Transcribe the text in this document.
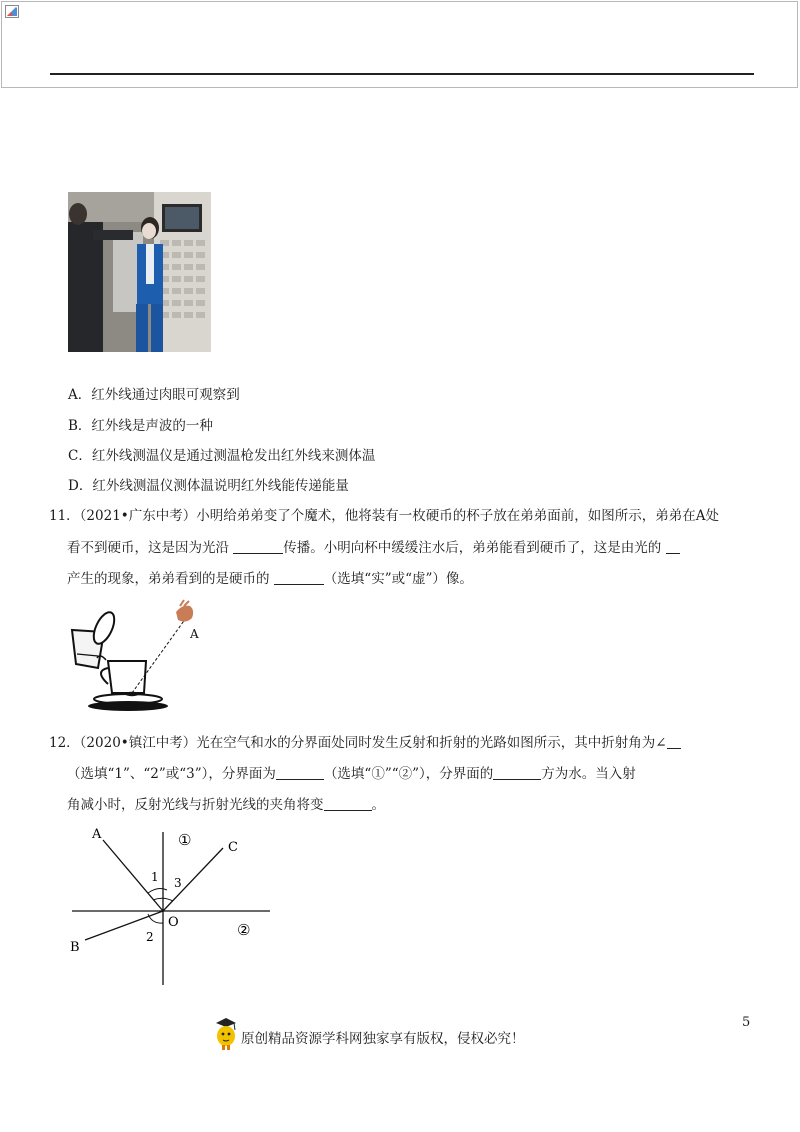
A．红外线通过肉眼可观察到
B．红外线是声波的一种
C．红外线测温仪是通过测温枪发出红外线来测体温
D．红外线测温仪测体温说明红外线能传递能量
11．（2021•广东中考）小明给弟弟变了个魔术，他将装有一枚硬币的杯子放在弟弟面前，如图所示，弟弟在A处
看不到硬币，这是因为光沿	传播。小明向杯中缓缓注水后，弟弟能看到硬币了，这是由光的
产生的现象，弟弟看到的是硬币的	（选填“实”或“虚”）像。
A
12．（2020•镇江中考）光在空气和水的分界面处同时发生反射和折射的光路如图所示，其中折射角为∠
（选填“1”、“2”或“3”），分界面为	（选填“①”“②”），分界面的	方为水。当入射
角减小时，反射光线与折射光线的夹角将变	。
A
C
B
O
1
2
3
①
②
原创精品资源学科网独家享有版权，侵权必究！
5
